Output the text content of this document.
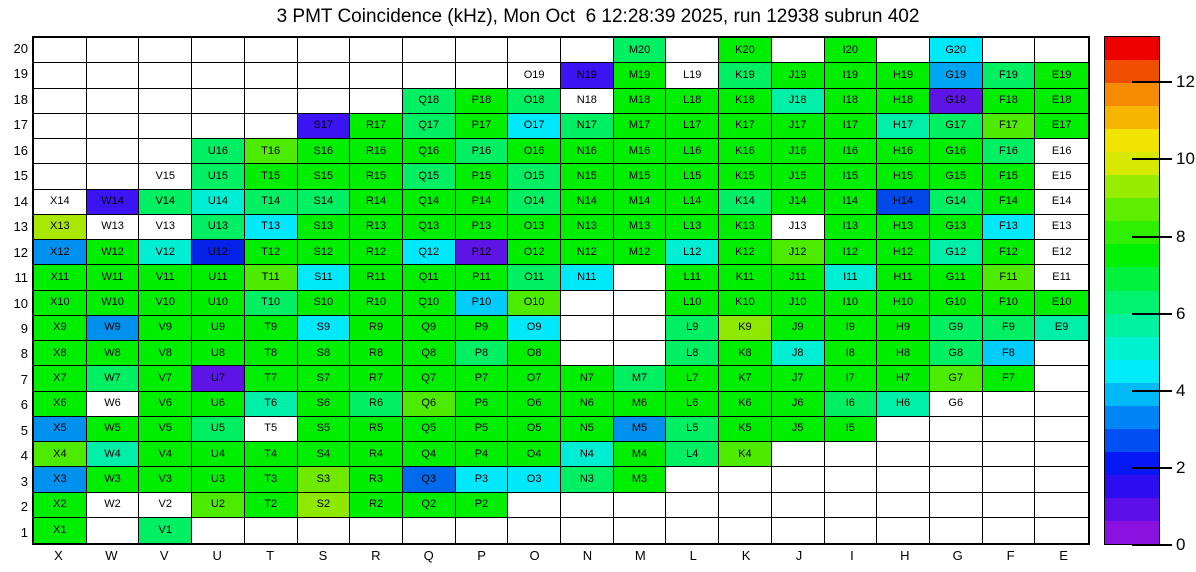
3 PMT Coincidence (kHz), Mon Oct  6 12:28:39 2025, run 12938 subrun 402
20
19
18
17
16
15
14
13
12
11
10
9
8
7
6
5
4
3
2
1
M20	K20	I20	G20
O19	N19	M19	L19	K19	J19	I19	H19	G19	F19	E19
Q18	P18	O18	N18	M18	L18	K18	J18	I18	H18	G18	F18	E18
S17	R17	Q17	P17	O17	N17	M17	L17	K17	J17	I17	H17	G17	F17	E17
U16	T16	S16	R16	Q16	P16	O16	N16	M16	L16	K16	J16	I16	H16	G16	F16	E16
V15	U15	T15	S15	R15	Q15	P15	O15	N15	M15	L15	K15	J15	I15	H15	G15	F15	E15
X14	W14	V14	U14	T14	S14	R14	Q14	P14	O14	N14	M14	L14	K14	J14	I14	H14	G14	F14	E14
X13	W13	V13	U13	T13	S13	R13	Q13	P13	O13	N13	M13	L13	K13	J13	I13	H13	G13	F13	E13
X12	W12	V12	U12	T12	S12	R12	Q12	P12	O12	N12	M12	L12	K12	J12	I12	H12	G12	F12	E12
X11	W11	V11	U11	T11	S11	R11	Q11	P11	O11	N11	L11	K11	J11	I11	H11	G11	F11	E11
X10	W10	V10	U10	T10	S10	R10	Q10	P10	O10	L10	K10	J10	I10	H10	G10	F10	E10
X9	W9	V9	U9	T9	S9	R9	Q9	P9	O9	L9	K9	J9	I9	H9	G9	F9	E9
X8	W8	V8	U8	T8	S8	R8	Q8	P8	O8	L8	K8	J8	I8	H8	G8	F8
X7	W7	V7	U7	T7	S7	R7	Q7	P7	O7	N7	M7	L7	K7	J7	I7	H7	G7	F7
X6	W6	V6	U6	T6	S6	R6	Q6	P6	O6	N6	M6	L6	K6	J6	I6	H6	G6
X5	W5	V5	U5	T5	S5	R5	Q5	P5	O5	N5	M5	L5	K5	J5	I5
X4	W4	V4	U4	T4	S4	R4	Q4	P4	O4	N4	M4	L4	K4
X3	W3	V3	U3	T3	S3	R3	Q3	P3	O3	N3	M3
X2	W2	V2	U2	T2	S2	R2	Q2	P2
X1	V1
X	W	V	U	T	S	R	Q	P	O	N	M	L	K	J	I	H	G	F	E
0
2
4
6
8
10
12
